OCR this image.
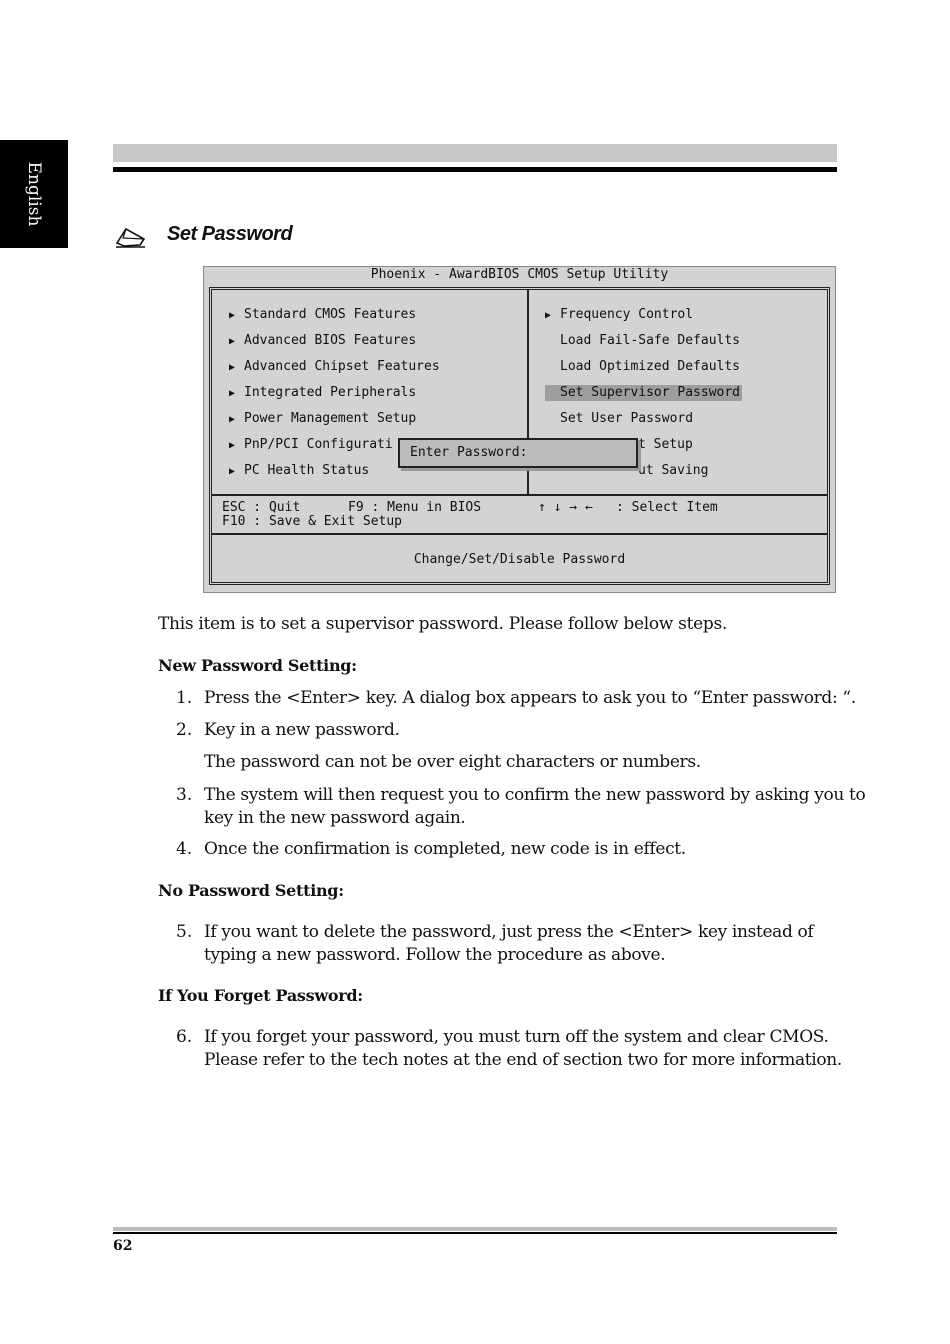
English
Set Password
Phoenix - AwardBIOS CMOS Setup Utility
▶ Standard CMOS Features
▶ Advanced BIOS Features
▶ Advanced Chipset Features
▶ Integrated Peripherals
▶ Power Management Setup
▶ PnP/PCI Configurati
▶ PC Health Status
▶ Frequency Control
Load Fail-Safe Defaults
Load Optimized Defaults
Set Supervisor Password
Set User Password
t Setup
ut Saving
Enter Password:
ESC : Quit	F9 : Menu in BIOS	↑ ↓ → ← : Select Item
F10 : Save & Exit Setup
Change/Set/Disable Password
This item is to set a supervisor password. Please follow below steps.
New Password Setting:
1. Press the <Enter> key. A dialog box appears to ask you to “Enter password: “.
2. Key in a new password.
The password can not be over eight characters or numbers.
3. The system will then request you to confirm the new password by asking you to
key in the new password again.
4. Once the confirmation is completed, new code is in effect.
No Password Setting:
5. If you want to delete the password, just press the <Enter> key instead of
typing a new password. Follow the procedure as above.
If You Forget Password:
6. If you forget your password, you must turn off the system and clear CMOS.
Please refer to the tech notes at the end of section two for more information.
62
